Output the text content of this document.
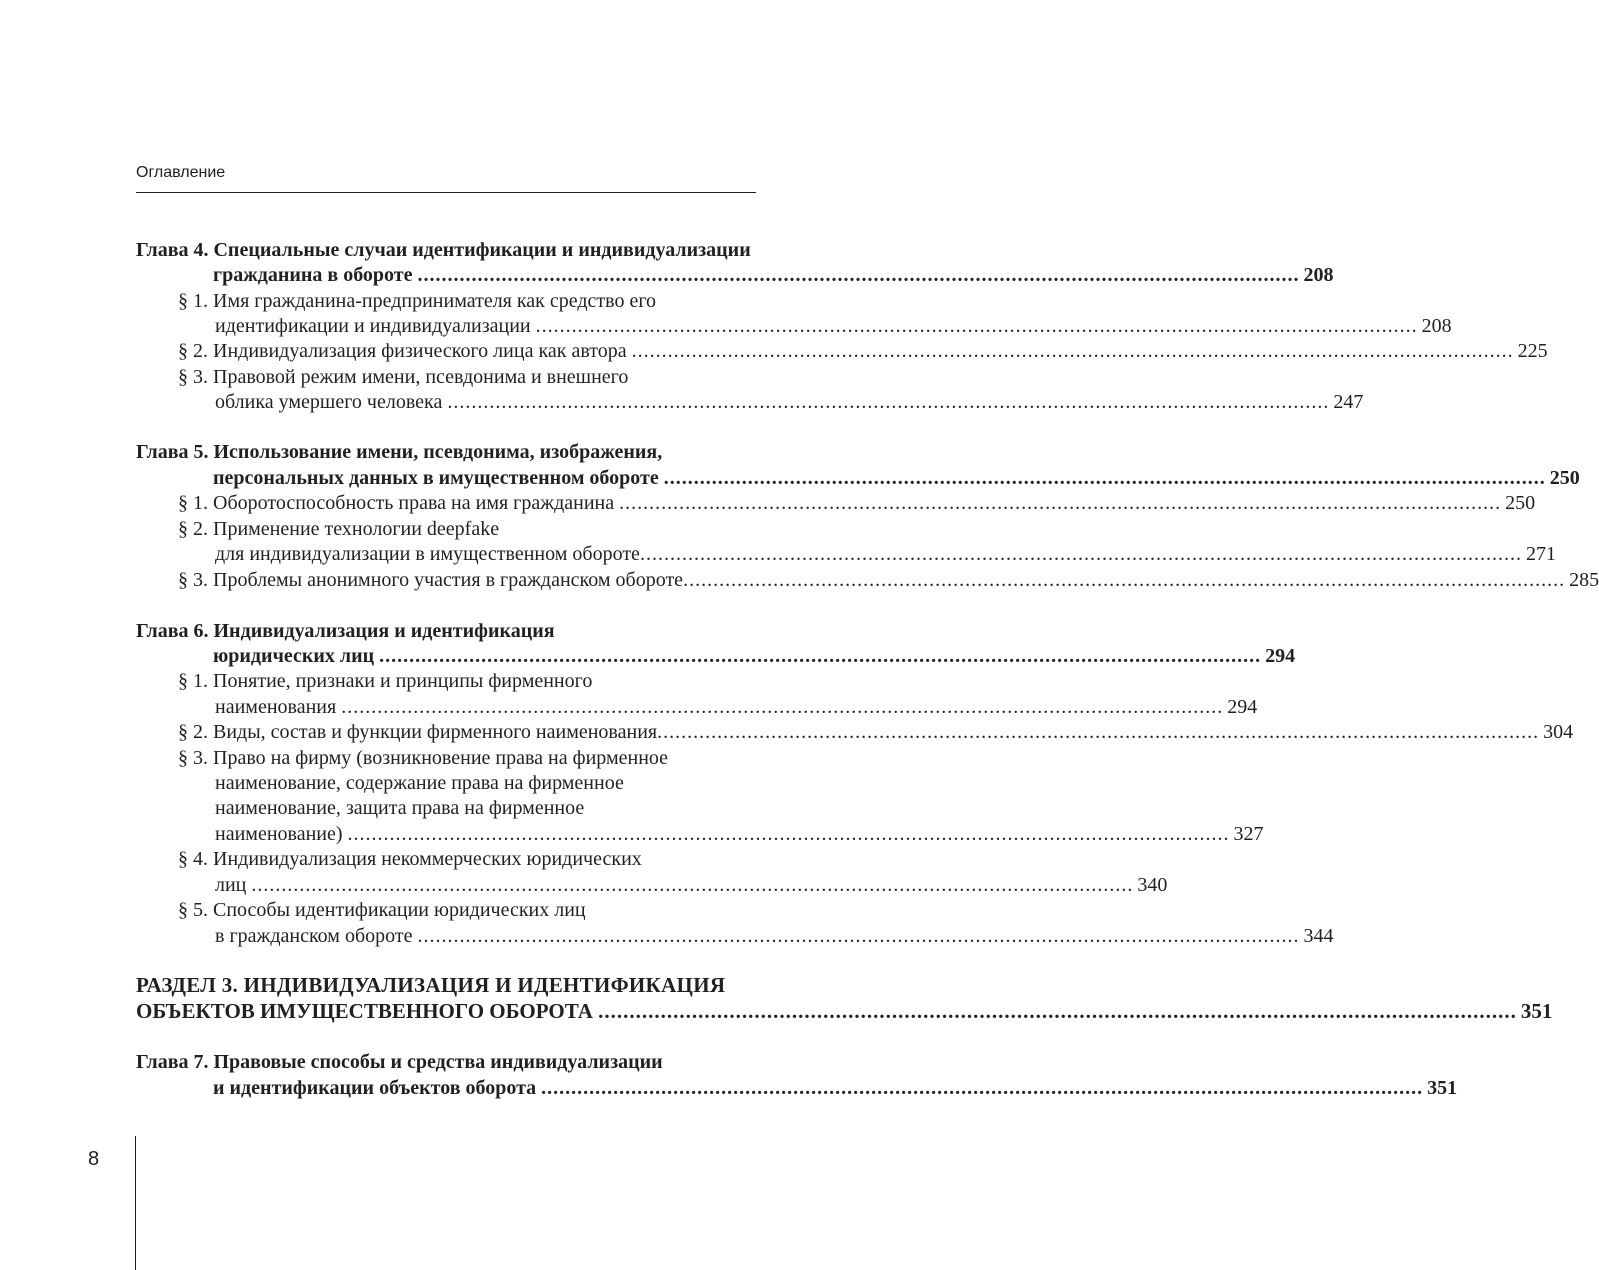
Оглавление
Глава 4. Специальные случаи идентификации и индивидуализации
гражданина в обороте
................................................................................................................................................... 208
§ 1. Имя гражданина-предпринимателя как средство его
идентификации и индивидуализации
................................................................................................................................................... 208
§ 2. Индивидуализация физического лица как автора
................................................................................................................................................... 225
§ 3. Правовой режим имени, псевдонима и внешнего
облика умершего человека
................................................................................................................................................... 247
Глава 5. Использование имени, псевдонима, изображения,
персональных данных в имущественном обороте
................................................................................................................................................... 250
§ 1. Оборотоспособность права на имя гражданина
................................................................................................................................................... 250
§ 2. Применение технологии deepfake
для индивидуализации в имущественном обороте ................................................................................................................................................... 271
§ 3. Проблемы анонимного участия в гражданском обороте ................................................................................................................................................... 285
Глава 6. Индивидуализация и идентификация
юридических лиц
................................................................................................................................................... 294
§ 1. Понятие, признаки и принципы фирменного
наименования
................................................................................................................................................... 294
§ 2. Виды, состав и функции фирменного наименования ................................................................................................................................................... 304
§ 3. Право на фирму (возникновение права на фирменное
наименование, содержание права на фирменное
наименование, защита права на фирменное
наименование)
................................................................................................................................................... 327
§ 4. Индивидуализация некоммерческих юридических
лиц
................................................................................................................................................... 340
§ 5. Способы идентификации юридических лиц
в гражданском обороте
................................................................................................................................................... 344
РАЗДЕЛ 3. ИНДИВИДУАЛИЗАЦИЯ И ИДЕНТИФИКАЦИЯ
ОБЪЕКТОВ ИМУЩЕСТВЕННОГО ОБОРОТА
................................................................................................................................................... 351
Глава 7. Правовые способы и средства индивидуализации
и идентификации объектов оборота
................................................................................................................................................... 351
8
